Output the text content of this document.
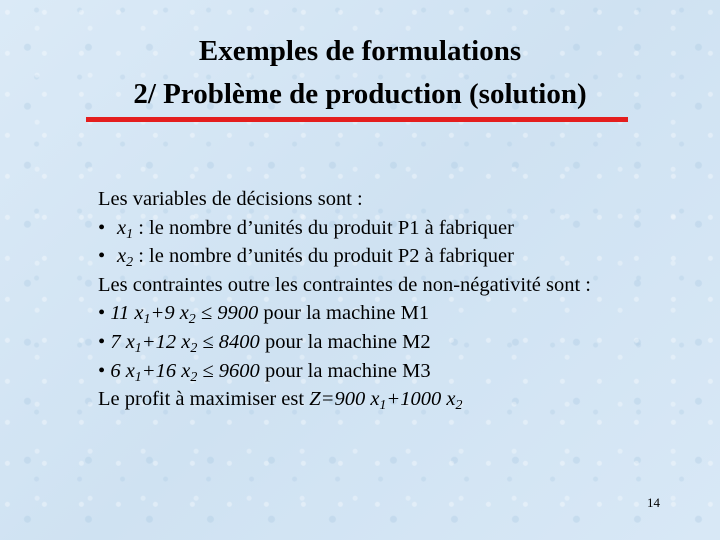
Exemples de formulations
2/ Problème de production (solution)
Les variables de décisions sont :
• $x_1$ : le nombre d’unités du produit P1 à fabriquer
• $x_2$ : le nombre d’unités du produit P2 à fabriquer
Les contraintes outre les contraintes de non-négativité sont :
• 11 $x_1+9$ $x_2 \le 9900$ pour la machine M1
• 7 $x_1+12$ $x_2 \le 8400$ pour la machine M2
• 6 $x_1+16$ $x_2 \le 9600$ pour la machine M3
Le profit à maximiser est Z=900 $x_1+1000$ $x_2$
14
